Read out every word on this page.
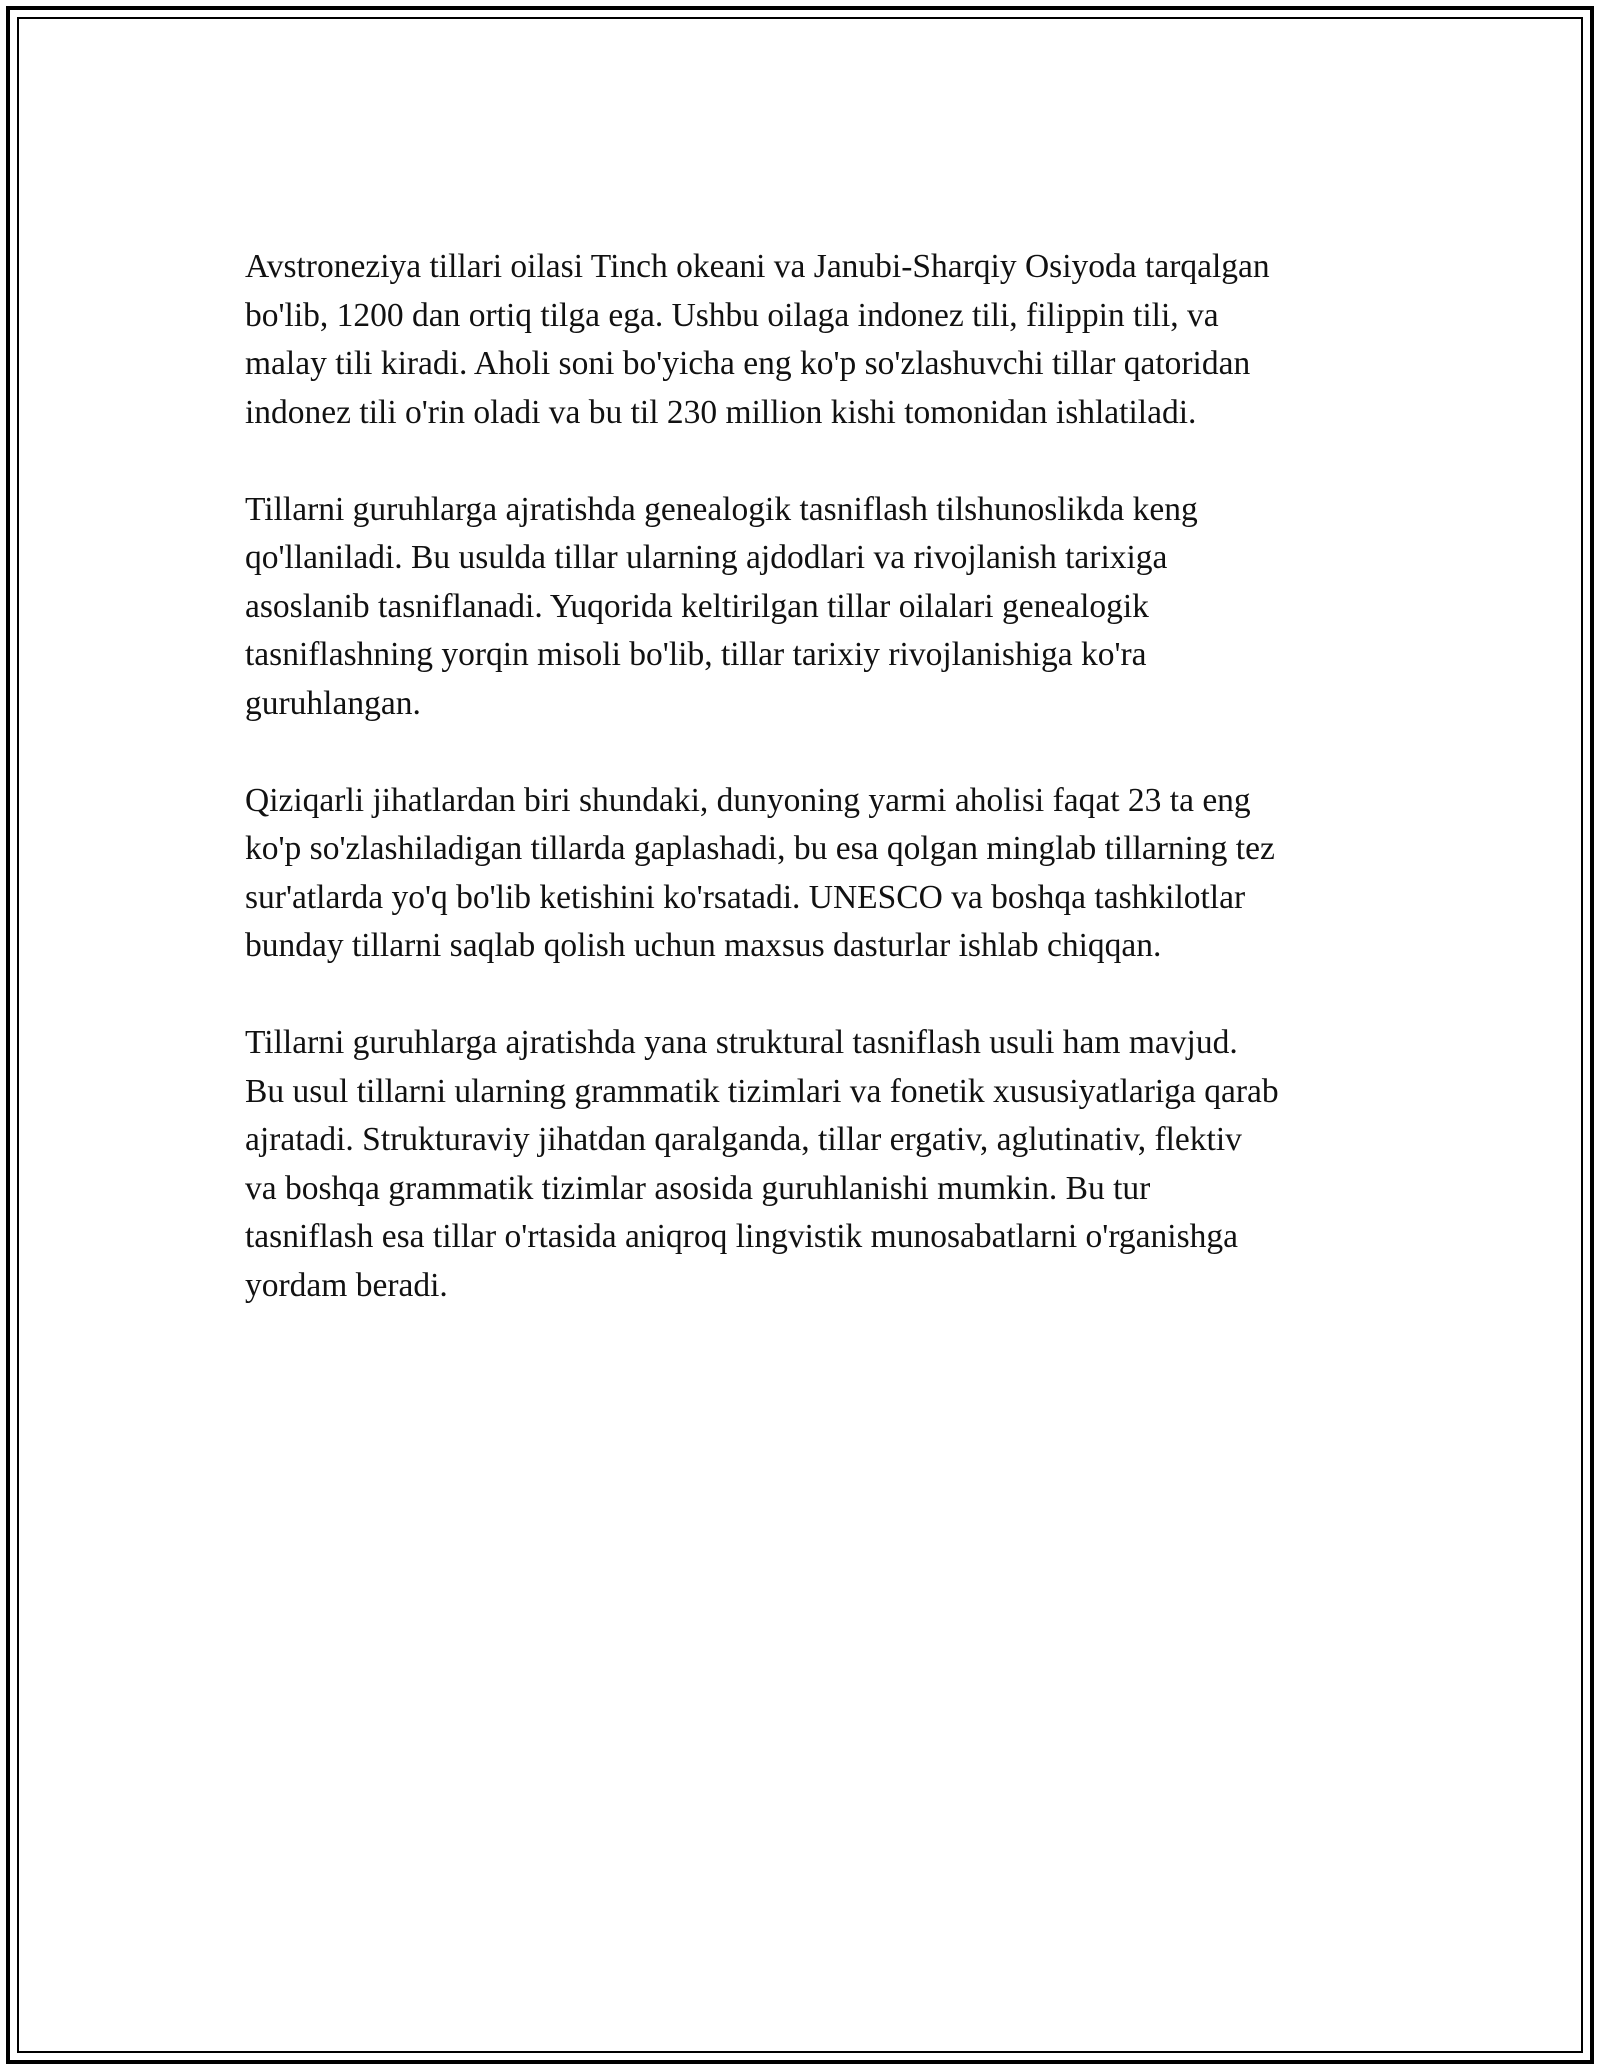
Avstroneziya tillari oilasi Tinch okeani va Janubi-Sharqiy Osiyoda tarqalgan
bo'lib, 1200 dan ortiq tilga ega. Ushbu oilaga indonez tili, filippin tili, va
malay tili kiradi. Aholi soni bo'yicha eng ko'p so'zlashuvchi tillar qatoridan
indonez tili o'rin oladi va bu til 230 million kishi tomonidan ishlatiladi.

Tillarni guruhlarga ajratishda genealogik tasniflash tilshunoslikda keng
qo'llaniladi. Bu usulda tillar ularning ajdodlari va rivojlanish tarixiga
asoslanib tasniflanadi. Yuqorida keltirilgan tillar oilalari genealogik
tasniflashning yorqin misoli bo'lib, tillar tarixiy rivojlanishiga ko'ra
guruhlangan.

Qiziqarli jihatlardan biri shundaki, dunyoning yarmi aholisi faqat 23 ta eng
ko'p so'zlashiladigan tillarda gaplashadi, bu esa qolgan minglab tillarning tez
sur'atlarda yo'q bo'lib ketishini ko'rsatadi. UNESCO va boshqa tashkilotlar
bunday tillarni saqlab qolish uchun maxsus dasturlar ishlab chiqqan.

Tillarni guruhlarga ajratishda yana struktural tasniflash usuli ham mavjud.
Bu usul tillarni ularning grammatik tizimlari va fonetik xususiyatlariga qarab
ajratadi. Strukturaviy jihatdan qaralganda, tillar ergativ, aglutinativ, flektiv
va boshqa grammatik tizimlar asosida guruhlanishi mumkin. Bu tur
tasniflash esa tillar o'rtasida aniqroq lingvistik munosabatlarni o'rganishga
yordam beradi.
